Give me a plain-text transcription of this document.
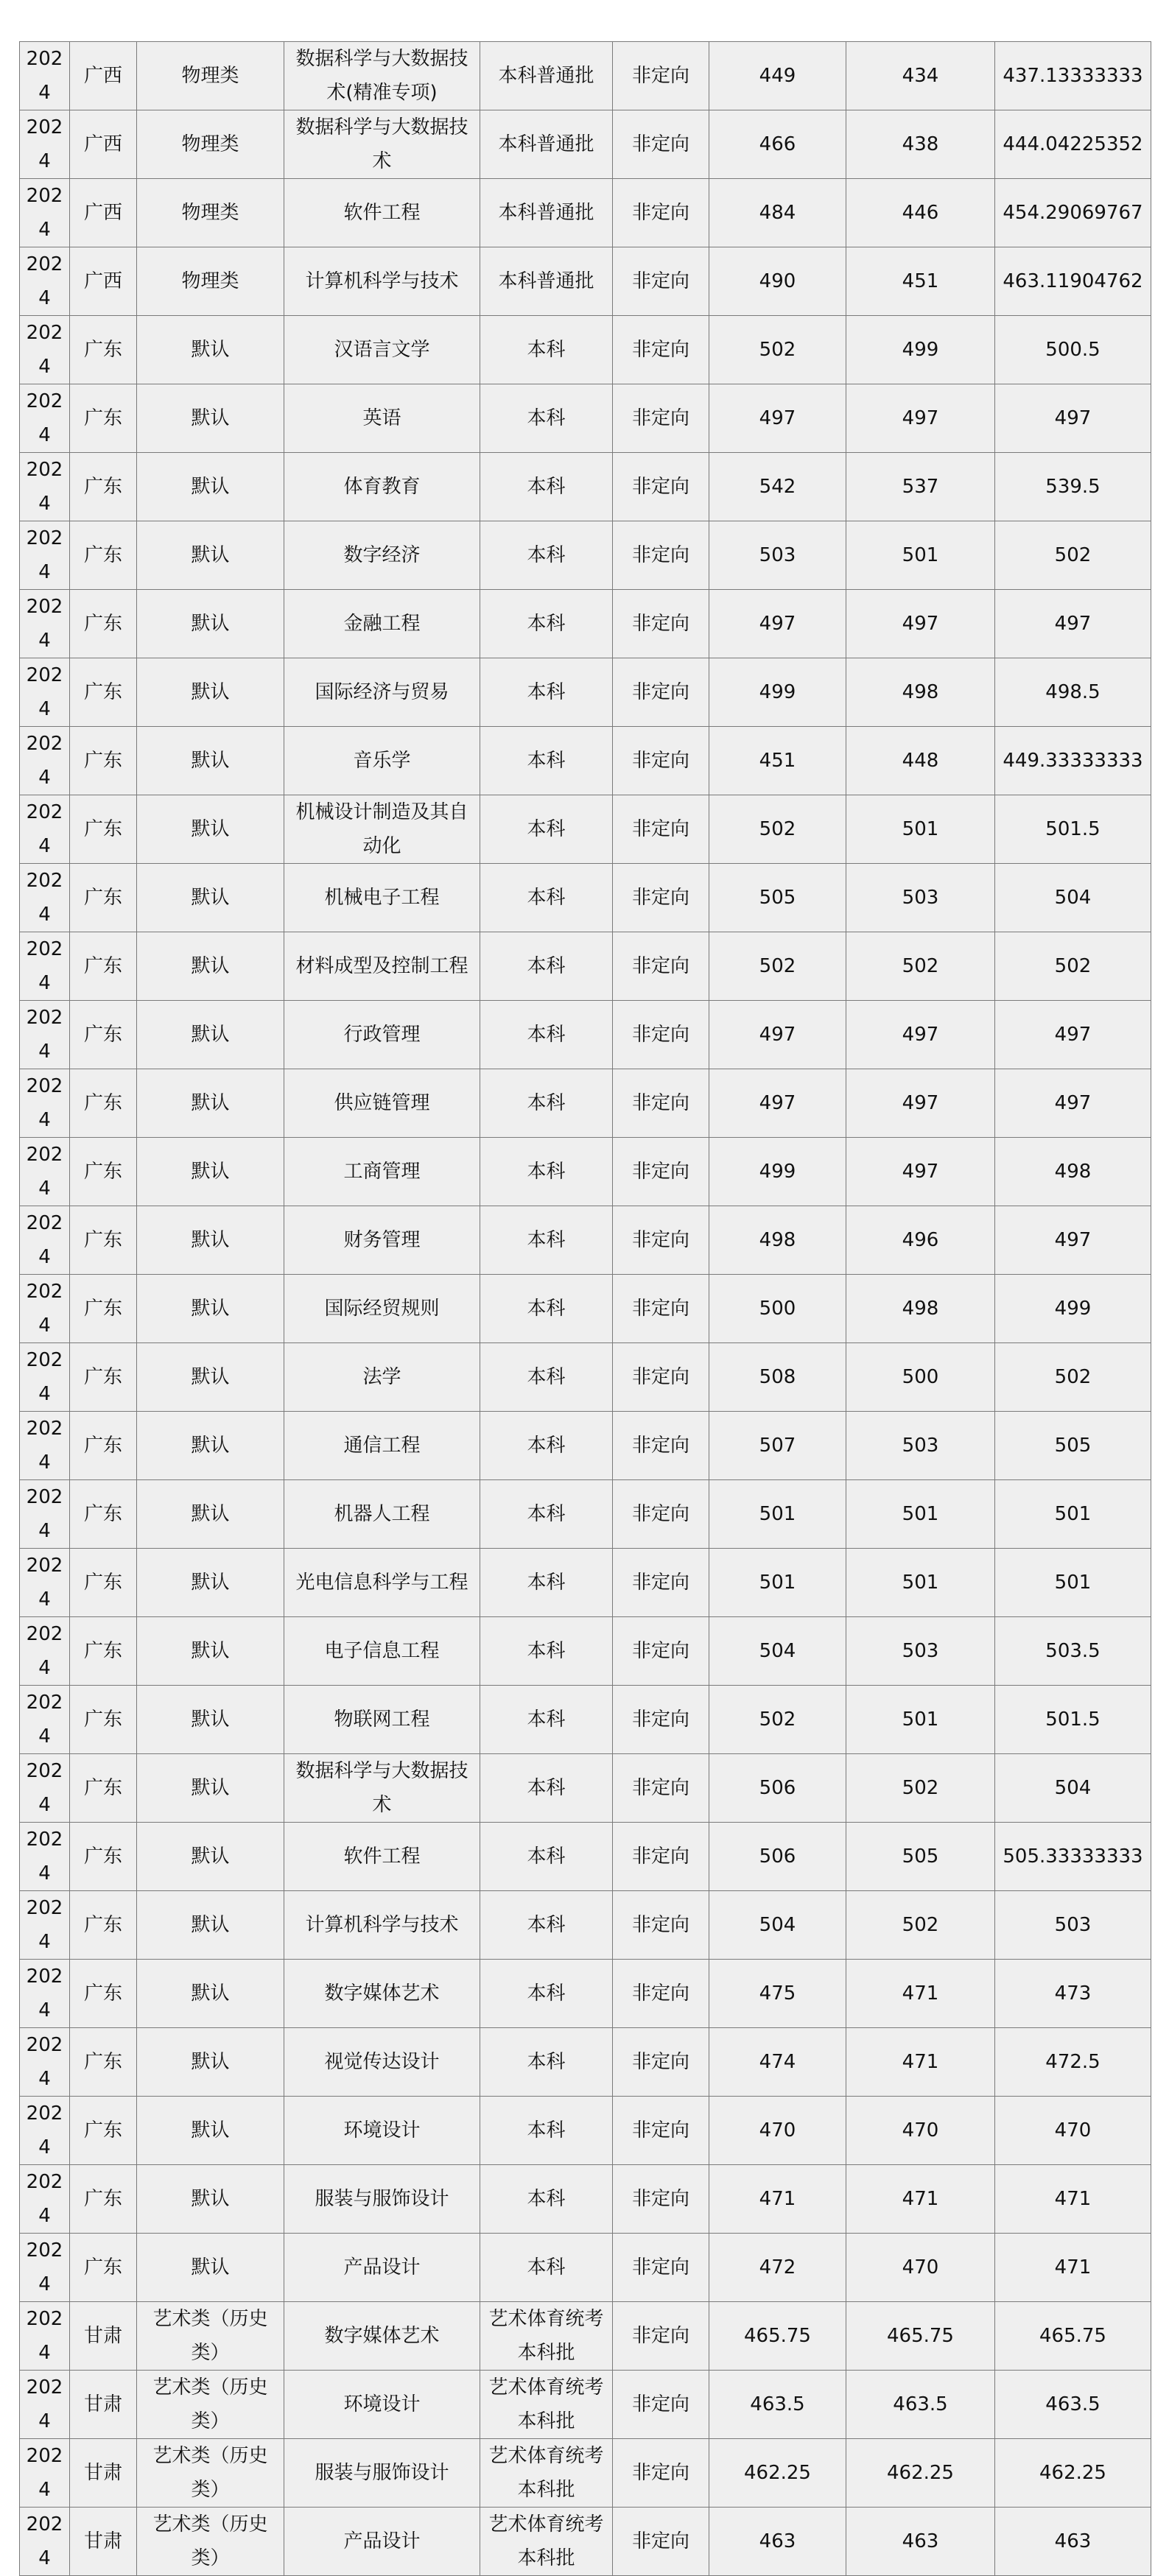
2024	广西	物理类	数据科学与大数据技术(精准专项)	本科普通批	非定向	449	434	437.13333333
2024	广西	物理类	数据科学与大数据技术	本科普通批	非定向	466	438	444.04225352
2024	广西	物理类	软件工程	本科普通批	非定向	484	446	454.29069767
2024	广西	物理类	计算机科学与技术	本科普通批	非定向	490	451	463.11904762
2024	广东	默认	汉语言文学	本科	非定向	502	499	500.5
2024	广东	默认	英语	本科	非定向	497	497	497
2024	广东	默认	体育教育	本科	非定向	542	537	539.5
2024	广东	默认	数字经济	本科	非定向	503	501	502
2024	广东	默认	金融工程	本科	非定向	497	497	497
2024	广东	默认	国际经济与贸易	本科	非定向	499	498	498.5
2024	广东	默认	音乐学	本科	非定向	451	448	449.33333333
2024	广东	默认	机械设计制造及其自动化	本科	非定向	502	501	501.5
2024	广东	默认	机械电子工程	本科	非定向	505	503	504
2024	广东	默认	材料成型及控制工程	本科	非定向	502	502	502
2024	广东	默认	行政管理	本科	非定向	497	497	497
2024	广东	默认	供应链管理	本科	非定向	497	497	497
2024	广东	默认	工商管理	本科	非定向	499	497	498
2024	广东	默认	财务管理	本科	非定向	498	496	497
2024	广东	默认	国际经贸规则	本科	非定向	500	498	499
2024	广东	默认	法学	本科	非定向	508	500	502
2024	广东	默认	通信工程	本科	非定向	507	503	505
2024	广东	默认	机器人工程	本科	非定向	501	501	501
2024	广东	默认	光电信息科学与工程	本科	非定向	501	501	501
2024	广东	默认	电子信息工程	本科	非定向	504	503	503.5
2024	广东	默认	物联网工程	本科	非定向	502	501	501.5
2024	广东	默认	数据科学与大数据技术	本科	非定向	506	502	504
2024	广东	默认	软件工程	本科	非定向	506	505	505.33333333
2024	广东	默认	计算机科学与技术	本科	非定向	504	502	503
2024	广东	默认	数字媒体艺术	本科	非定向	475	471	473
2024	广东	默认	视觉传达设计	本科	非定向	474	471	472.5
2024	广东	默认	环境设计	本科	非定向	470	470	470
2024	广东	默认	服装与服饰设计	本科	非定向	471	471	471
2024	广东	默认	产品设计	本科	非定向	472	470	471
2024	甘肃	艺术类（历史类）	数字媒体艺术	艺术体育统考本科批	非定向	465.75	465.75	465.75
2024	甘肃	艺术类（历史类）	环境设计	艺术体育统考本科批	非定向	463.5	463.5	463.5
2024	甘肃	艺术类（历史类）	服装与服饰设计	艺术体育统考本科批	非定向	462.25	462.25	462.25
2024	甘肃	艺术类（历史类）	产品设计	艺术体育统考本科批	非定向	463	463	463
